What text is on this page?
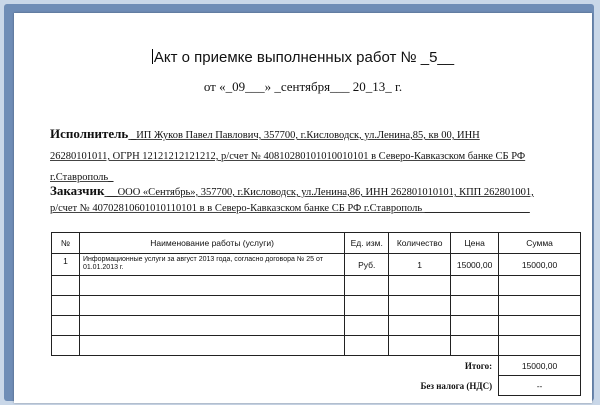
Акт о приемке выполненных работ № _5__
от «_09___» _сентября___ 20_13_ г.
Исполнитель _ИП Жуков Павел Павлович, 357700, г.Кисловодск, ул.Ленина,85, кв 00, ИНН
26280101011, ОГРН 12121212121212, р/счет № 40810280101010010101 в Северо-Кавказском банке СБ РФ
г.Ставрополь_
Заказчик __ООО «Сентябрь», 357700, г.Кисловодск, ул.Ленина,86, ИНН 262801010101, КПП 262801001,
р/счет № 40702810601010110101 в в Северо-Кавказском банке СБ РФ г.Ставрополь ____________________
№	Наименование работы (услуги)	Ед. изм.	Количество	Цена	Сумма
1	Информационные услуги за август 2013 года, согласно договора № 25 от 01.01.2013 г.	Руб.	1	15000,00	15000,00

Итого:					15000,00
Без налога (НДС)					--
